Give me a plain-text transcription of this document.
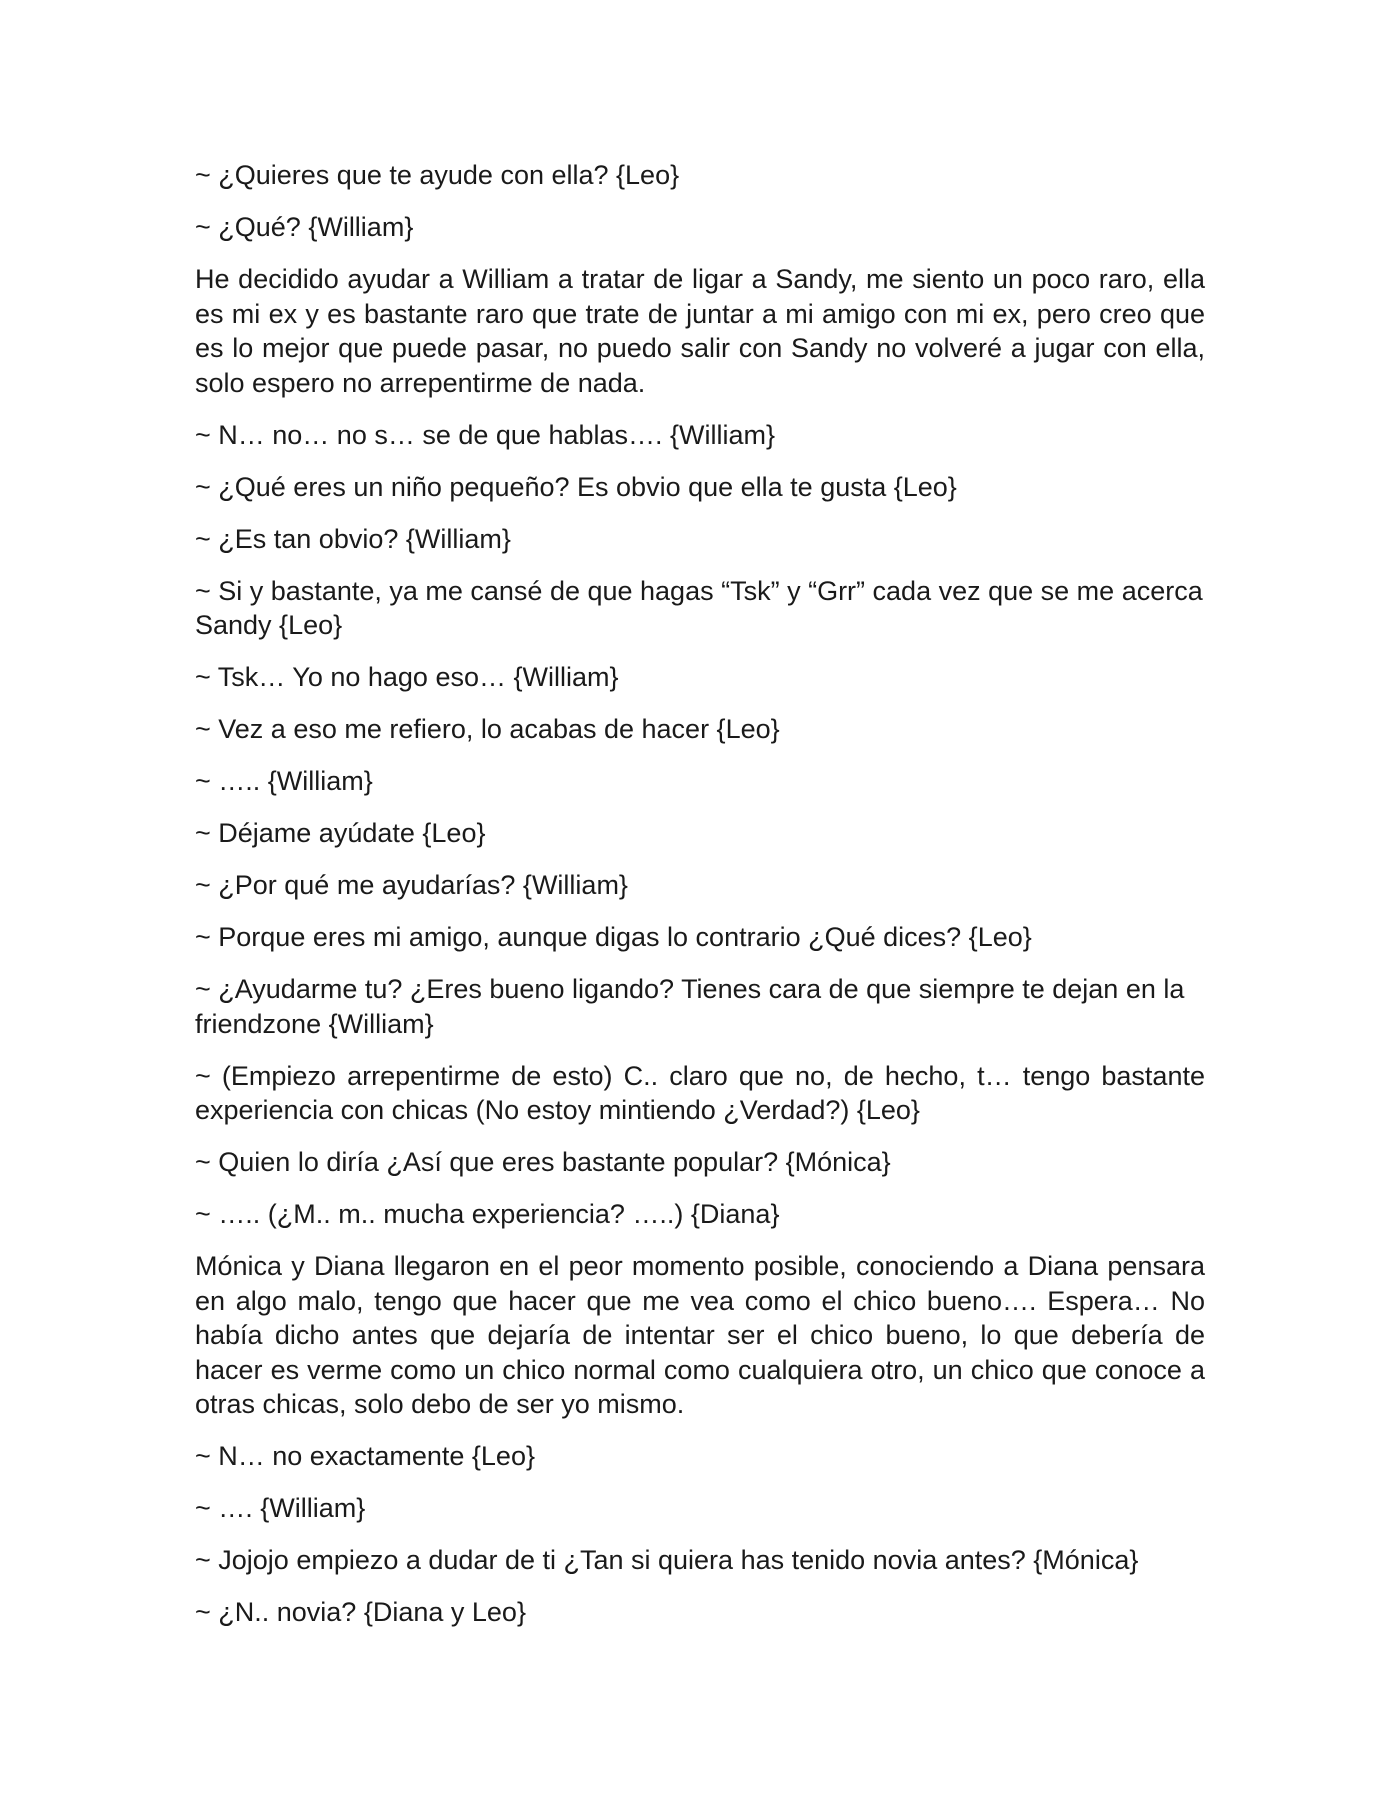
~ ¿Quieres que te ayude con ella? {Leo}

~ ¿Qué? {William}

He decidido ayudar a William a tratar de ligar a Sandy, me siento un poco raro, ella es mi ex y es bastante raro que trate de juntar a mi amigo con mi ex, pero creo que es lo mejor que puede pasar, no puedo salir con Sandy no volveré a jugar con ella, solo espero no arrepentirme de nada.

~ N… no… no s… se de que hablas…. {William}

~ ¿Qué eres un niño pequeño? Es obvio que ella te gusta {Leo}

~ ¿Es tan obvio? {William}

~ Si y bastante, ya me cansé de que hagas “Tsk” y “Grr” cada vez que se me acerca Sandy {Leo}

~ Tsk… Yo no hago eso… {William}

~ Vez a eso me refiero, lo acabas de hacer {Leo}

~ ….. {William}

~ Déjame ayúdate {Leo}

~ ¿Por qué me ayudarías? {William}

~ Porque eres mi amigo, aunque digas lo contrario ¿Qué dices? {Leo}

~ ¿Ayudarme tu? ¿Eres bueno ligando? Tienes cara de que siempre te dejan en la friendzone {William}

~ (Empiezo arrepentirme de esto) C.. claro que no, de hecho, t… tengo bastante experiencia con chicas (No estoy mintiendo ¿Verdad?) {Leo}

~ Quien lo diría ¿Así que eres bastante popular? {Mónica}

~ ….. (¿M.. m.. mucha experiencia? …..) {Diana}

Mónica y Diana llegaron en el peor momento posible, conociendo a Diana pensara en algo malo, tengo que hacer que me vea como el chico bueno…. Espera… No había dicho antes que dejaría de intentar ser el chico bueno, lo que debería de hacer es verme como un chico normal como cualquiera otro, un chico que conoce a otras chicas, solo debo de ser yo mismo.

~ N… no exactamente {Leo}

~ …. {William}

~ Jojojo empiezo a dudar de ti ¿Tan si quiera has tenido novia antes? {Mónica}

~ ¿N.. novia? {Diana y Leo}
